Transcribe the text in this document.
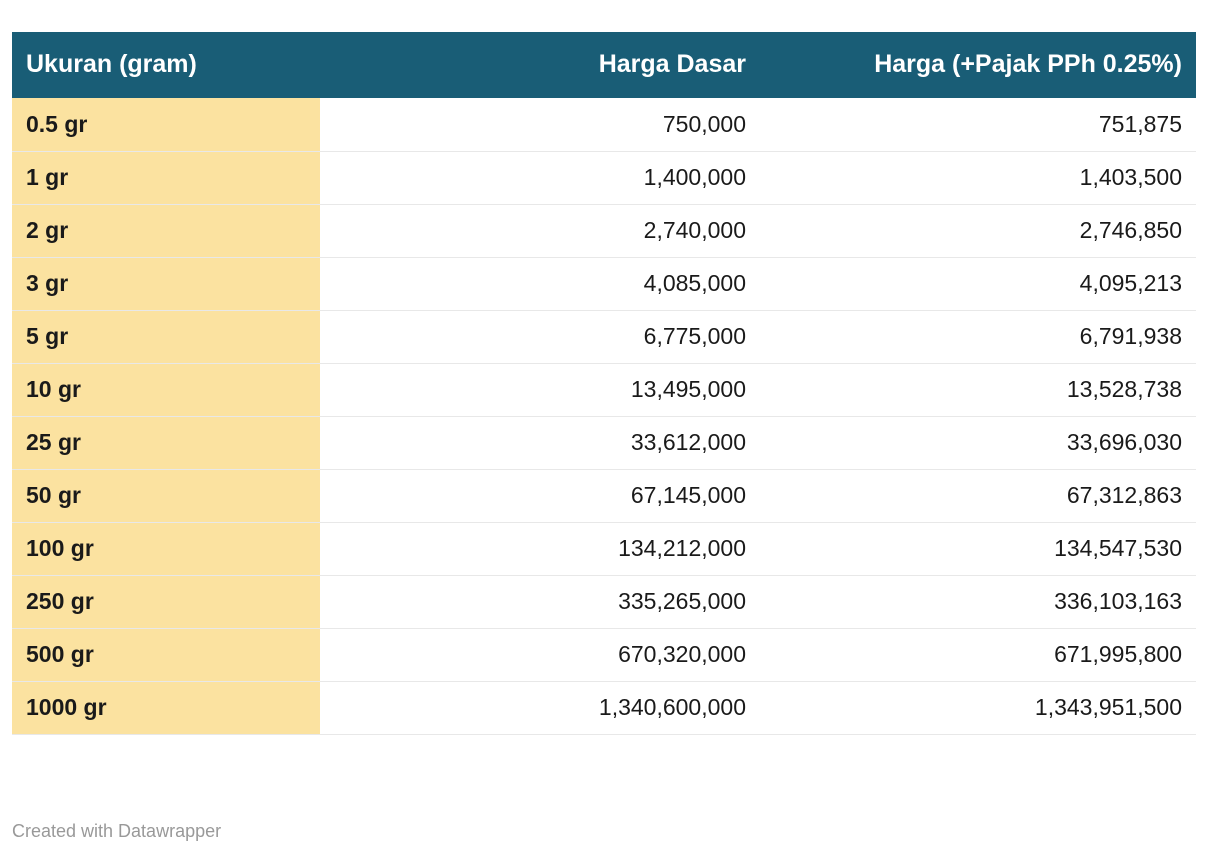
Ukuran (gram)	Harga Dasar	Harga (+Pajak PPh 0.25%)
0.5 gr	750,000	751,875
1 gr	1,400,000	1,403,500
2 gr	2,740,000	2,746,850
3 gr	4,085,000	4,095,213
5 gr	6,775,000	6,791,938
10 gr	13,495,000	13,528,738
25 gr	33,612,000	33,696,030
50 gr	67,145,000	67,312,863
100 gr	134,212,000	134,547,530
250 gr	335,265,000	336,103,163
500 gr	670,320,000	671,995,800
1000 gr	1,340,600,000	1,343,951,500
Created with Datawrapper
